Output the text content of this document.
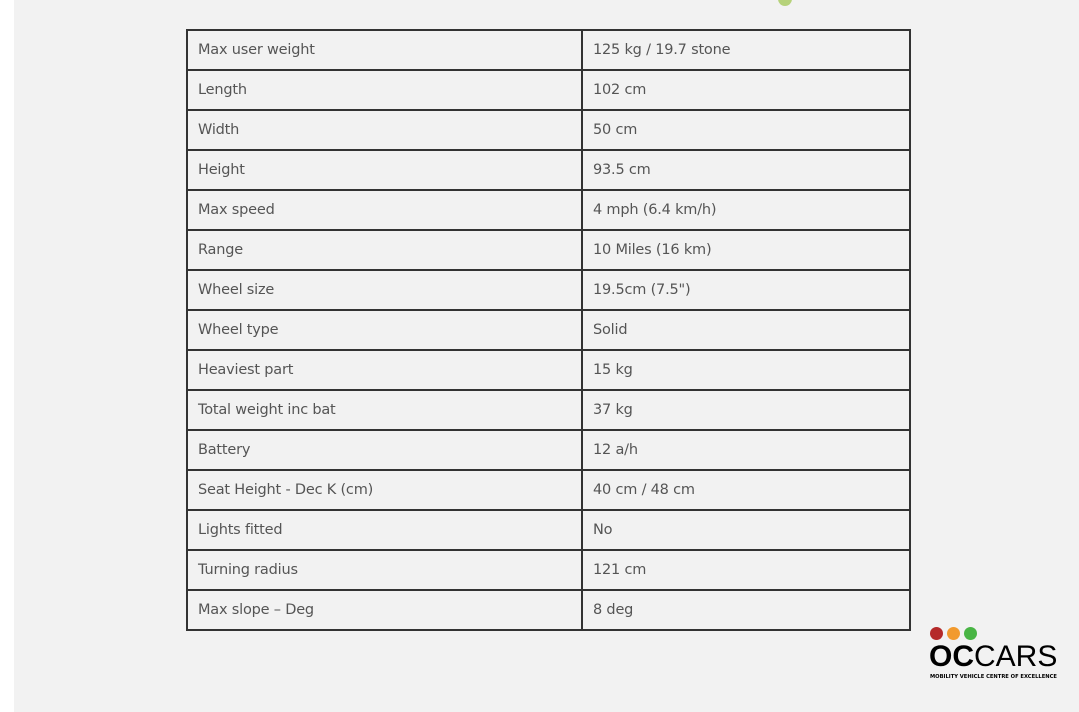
Max user weight	125 kg / 19.7 stone
Length	102 cm
Width	50 cm
Height	93.5 cm
Max speed	4 mph (6.4 km/h)
Range	10 Miles (16 km)
Wheel size	19.5cm (7.5")
Wheel type	Solid
Heaviest part	15 kg
Total weight inc bat	37 kg
Battery	12 a/h
Seat Height - Dec K (cm)	40 cm / 48 cm
Lights fitted	No
Turning radius	121 cm
Max slope – Deg	8 deg
OCCARS
MOBILITY VEHICLE CENTRE OF EXCELLENCE
